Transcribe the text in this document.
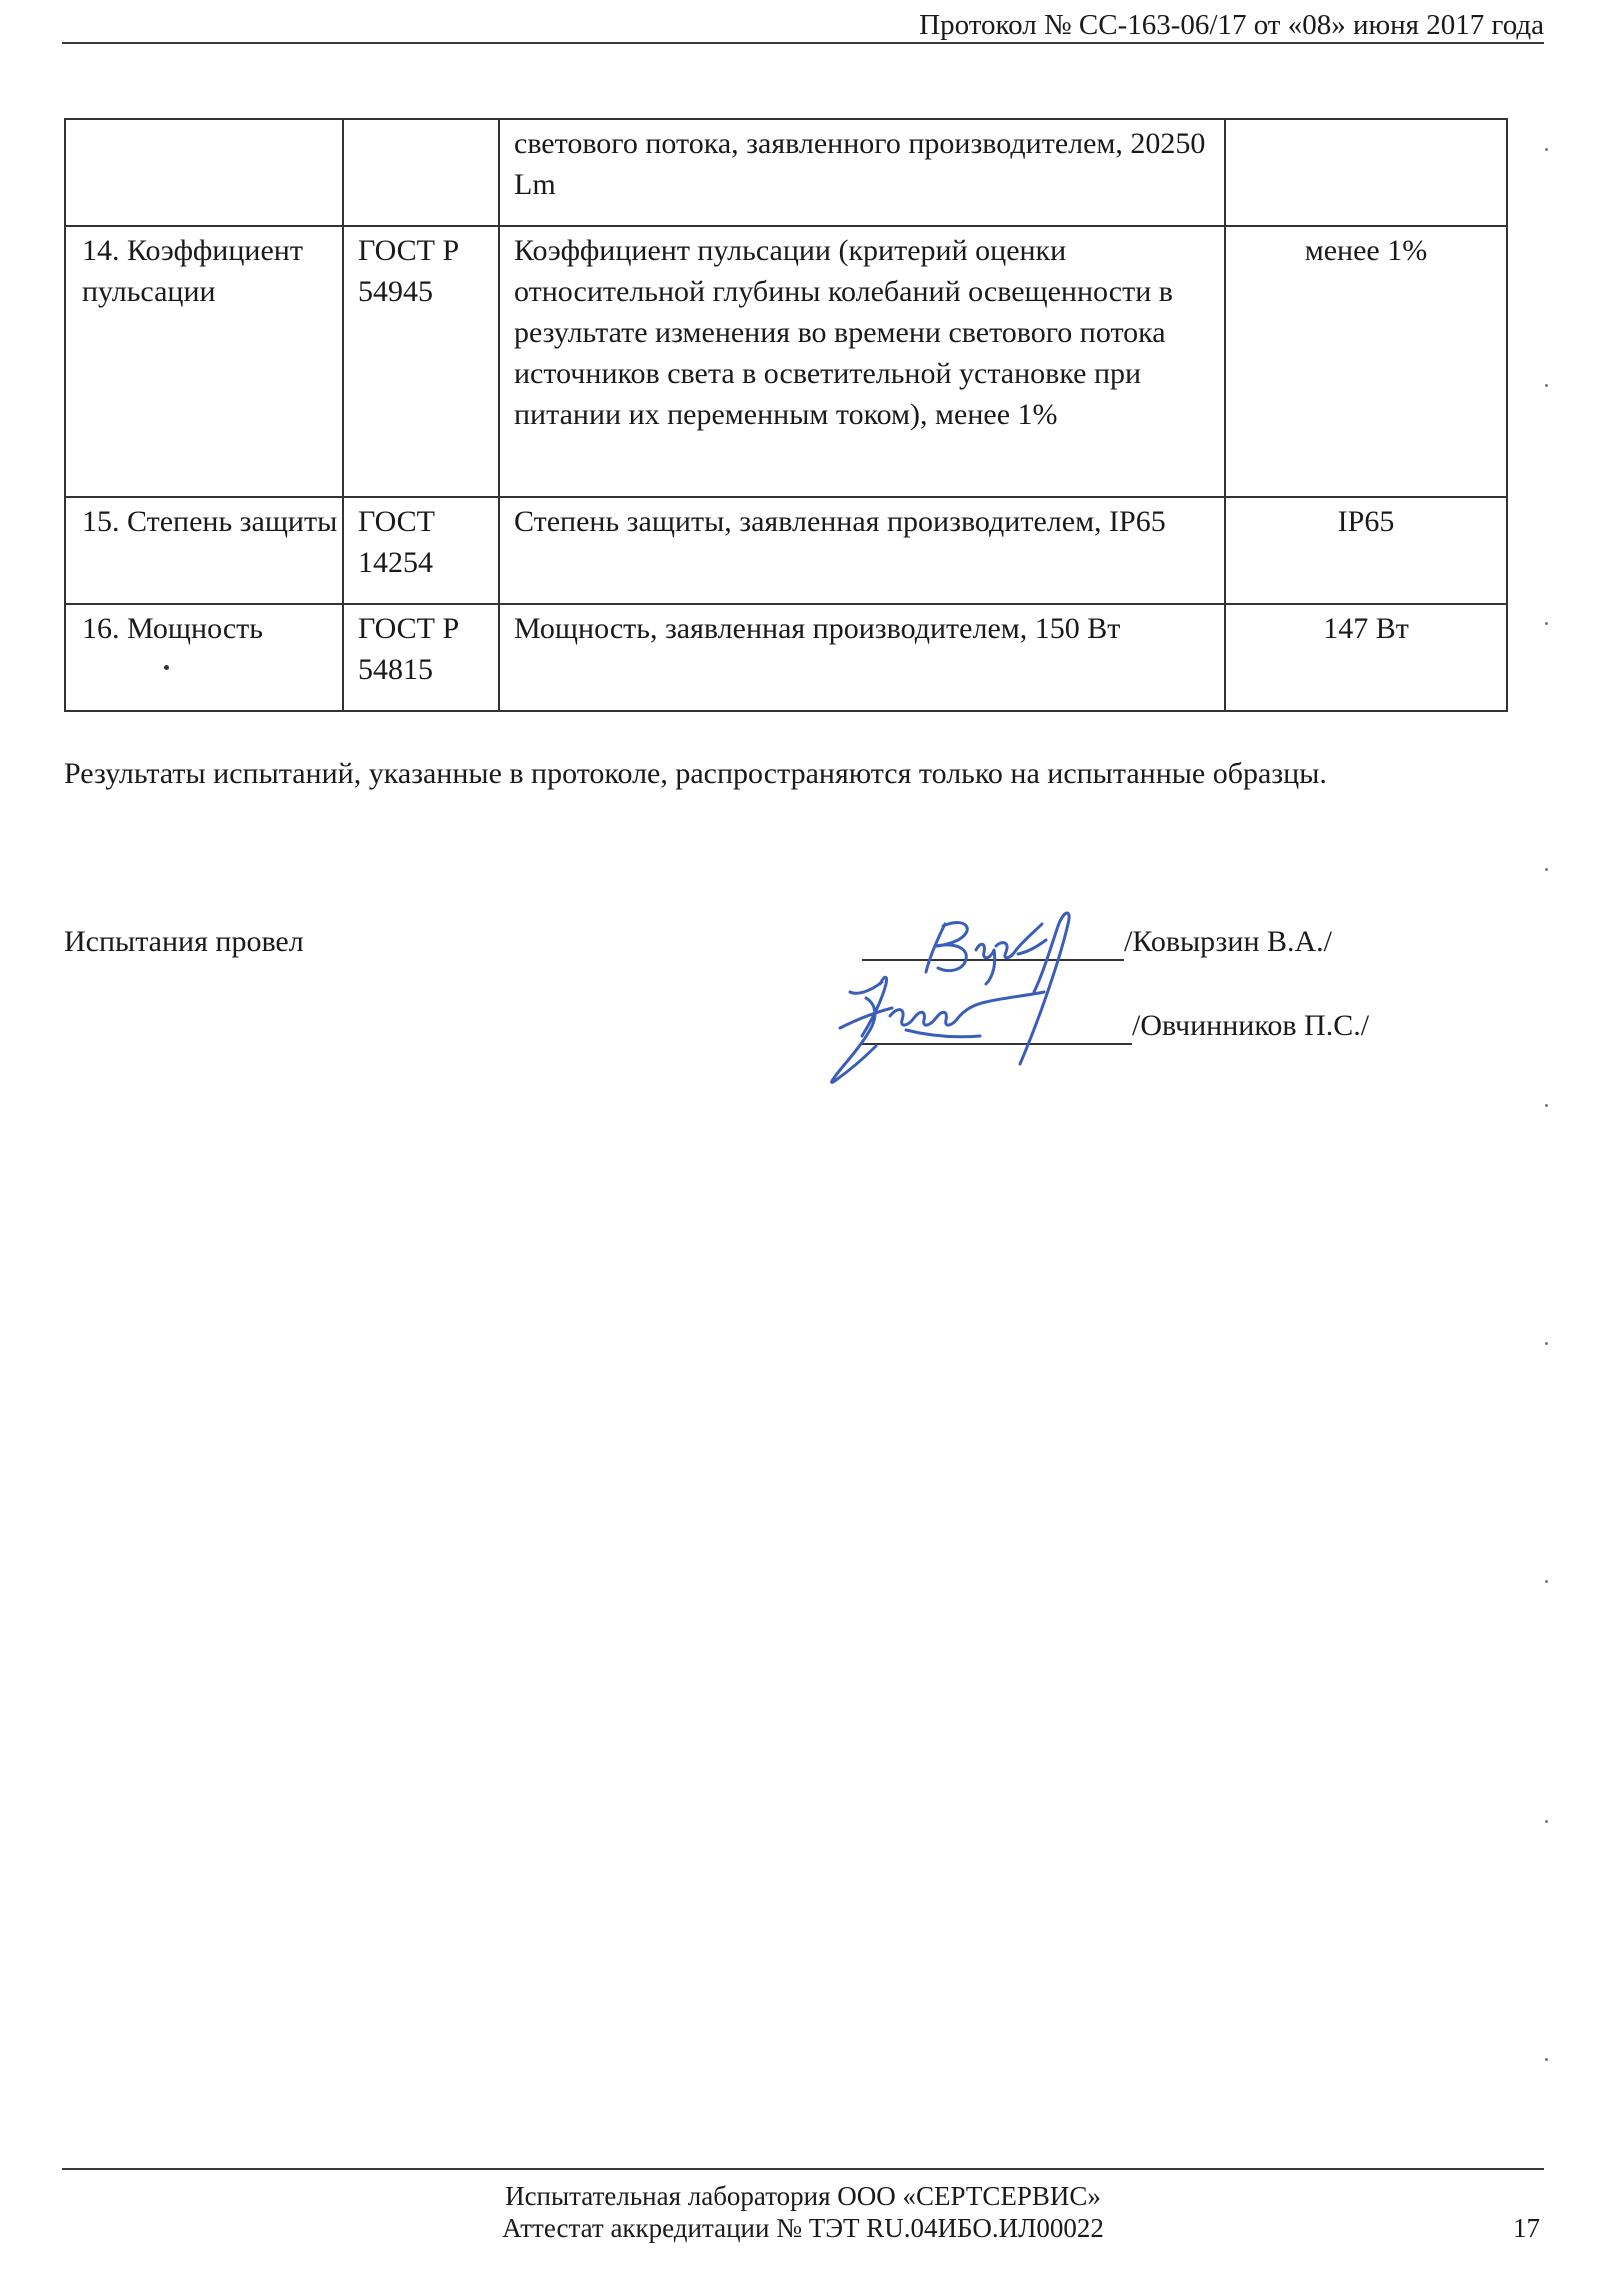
Протокол № СС-163-06/17 от «08» июня 2017 года
		светового потока, заявленного производителем, 20250 Lm	
14. Коэффициент пульсации	ГОСТ Р 54945	Коэффициент пульсации (критерий оценки относительной глубины колебаний освещенности в результате изменения во времени светового потока источников света в осветительной установке при питании их переменным током), менее 1%	менее 1%
15. Степень защиты	ГОСТ 14254	Степень защиты, заявленная производителем, IP65	IP65
16. Мощность	ГОСТ Р 54815	Мощность, заявленная производителем, 150 Вт	147 Вт
Результаты испытаний, указанные в протоколе, распространяются только на испытанные образцы.
Испытания провел	/Ковырзин В.А./
/Овчинников П.С./
Испытательная лаборатория ООО «СЕРТСЕРВИС»
Аттестат аккредитации № ТЭТ RU.04ИБО.ИЛ00022	17
